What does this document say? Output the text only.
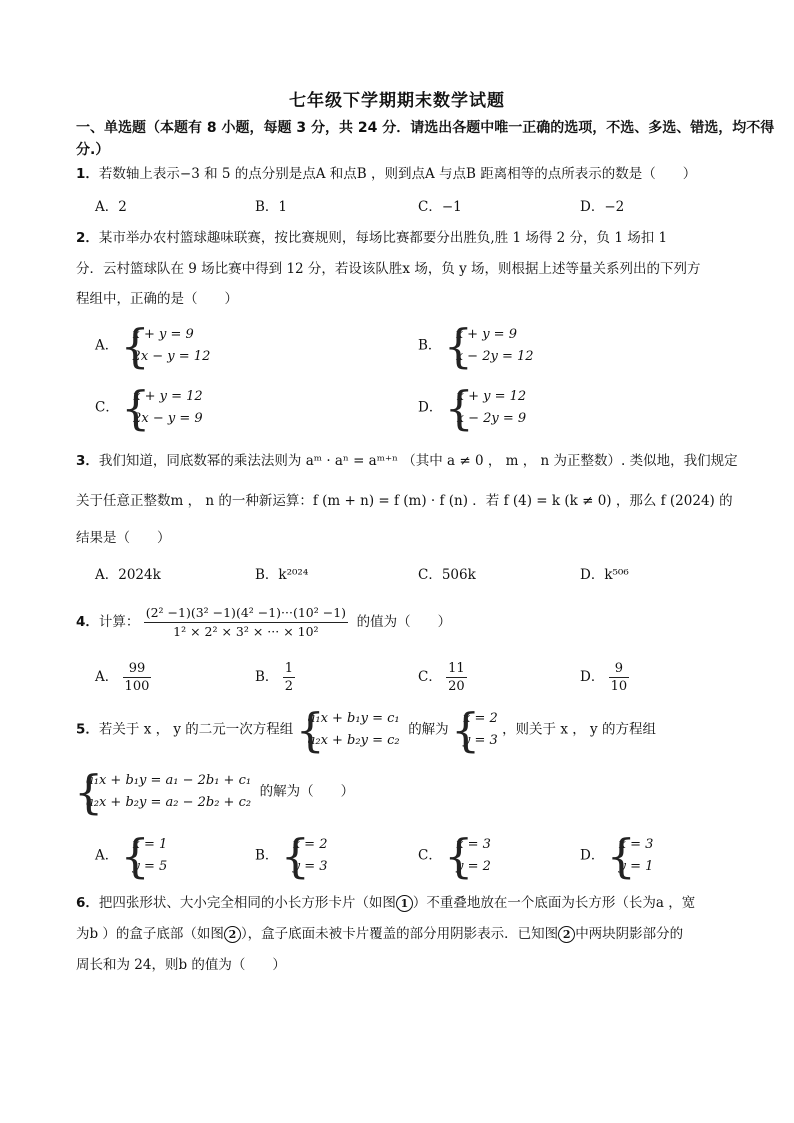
七年级下学期期末数学试题
一、单选题（本题有 8 小题，每题 3 分，共 24 分．请选出各题中唯一正确的选项，不选、多选、错选，均不得分.）
1．若数轴上表示−3 和 5 的点分别是点A 和点B ，则到点A 与点B 距离相等的点所表示的数是（　　）
A．2	B．1	C．−1	D．−2
2．某市举办农村篮球趣味联赛，按比赛规则，每场比赛都要分出胜负,胜 1 场得 2 分，负 1 场扣 1
分．云村篮球队在 9 场比赛中得到 12 分，若设该队胜x 场，负 y 场，则根据上述等量关系列出的下列方
程组中，正确的是（　　）
A．
{ x + y = 9
2x − y = 12
B．
{ x + y = 9
x − 2y = 12
C．
{ x + y = 12
2x − y = 9
D．
{ x + y = 12
x − 2y = 9
3．我们知道，同底数幂的乘法法则为 aᵐ · aⁿ = aᵐ⁺ⁿ （其中 a ≠ 0 ， m ， n 为正整数）. 类似地，我们规定
关于任意正整数m ， n 的一种新运算：f (m + n) = f (m) · f (n) ．若 f (4) = k (k ≠ 0) ，那么 f (2024) 的
结果是（　　）
A．2024k	B．k²⁰²⁴	C．506k	D．k⁵⁰⁶
4．计算： $\frac{\text{(2² −1)(3² −1)(4² −1)···(10² −1)}}{\text{1² × 2² × 3² × ··· × 10²}}$ 的值为（　　）
A． $\frac{99}{100}$	B． $\frac{1}{2}$	C． $\frac{11}{20}$	D． $\frac{9}{10}$
5．若关于 x ， y 的二元一次方程组
{ a₁x + b₁y = c₁
a₂x + b₂y = c₂
的解为
{ x = 2
y = 3
，则关于 x ， y 的方程组
{ a₁x + b₁y = a₁ − 2b₁ + c₁
a₂x + b₂y = a₂ − 2b₂ + c₂
的解为（　　）
A．
{ x = 1
y = 5
B．
{ x = 2
y = 3
C．
{ x = 3
y = 2
D．
{ x = 3
y = 1
6．把四张形状、大小完全相同的小长方形卡片（如图 1 ）不重叠地放在一个底面为长方形（长为a ，宽
为b ）的盒子底部（如图 2 ），盒子底面未被卡片覆盖的部分用阴影表示．已知图 2 中两块阴影部分的
周长和为 24，则b 的值为（　　）
